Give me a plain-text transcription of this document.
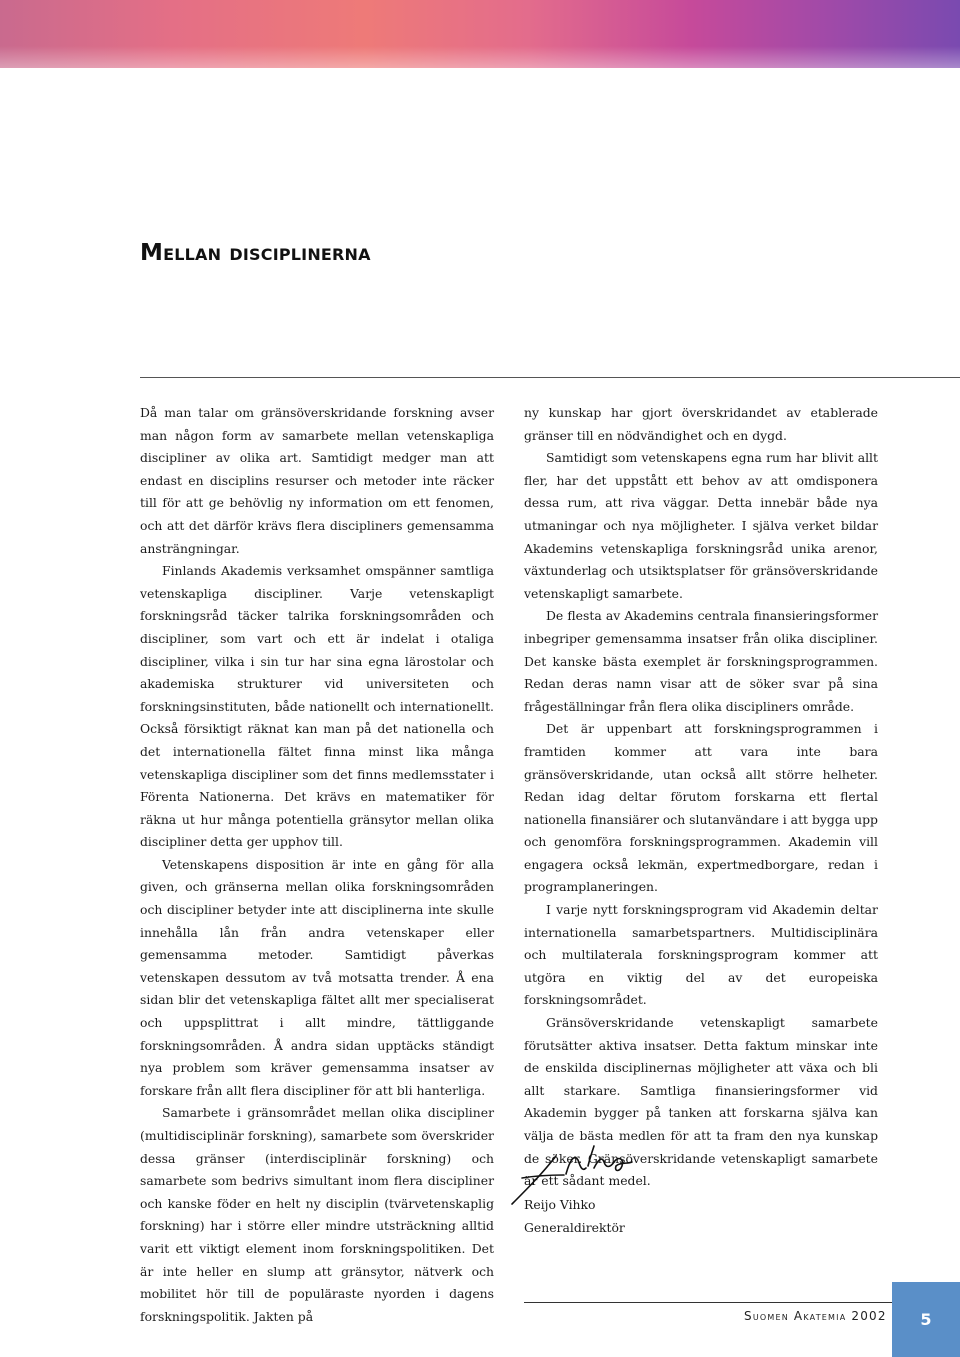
Mellan disciplinerna

Då man talar om gränsöverskridande forskning avser man någon form av samarbete mellan vetenskapliga discipliner av olika art. Samtidigt medger man att endast en disciplins resurser och metoder inte räcker till för att ge behövlig ny information om ett fenomen, och att det därför krävs flera discipliners gemensamma ansträngningar.

Finlands Akademis verksamhet omspänner samtliga vetenskapliga discipliner. Varje vetenskapligt forskningsråd täcker talrika forskningsområden och discipliner, som vart och ett är indelat i otaliga discipliner, vilka i sin tur har sina egna lärostolar och akademiska strukturer vid universiteten och forskningsinstituten, både nationellt och internationellt. Också försiktigt räknat kan man på det nationella och det internationella fältet finna minst lika många vetenskapliga discipliner som det finns medlemsstater i Förenta Nationerna. Det krävs en matematiker för räkna ut hur många potentiella gränsytor mellan olika discipliner detta ger upphov till.

Vetenskapens disposition är inte en gång för alla given, och gränserna mellan olika forskningsområden och discipliner betyder inte att disciplinerna inte skulle innehålla lån från andra vetenskaper eller gemensamma metoder. Samtidigt påverkas vetenskapen dessutom av två motsatta trender. Å ena sidan blir det vetenskapliga fältet allt mer specialiserat och uppsplittrat i allt mindre, tättliggande forskningsområden. Å andra sidan upptäcks ständigt nya problem som kräver gemensamma insatser av forskare från allt flera discipliner för att bli hanterliga.

Samarbete i gränsområdet mellan olika discipliner (multidisciplinär forskning), samarbete som överskrider dessa gränser (interdisciplinär forskning) och samarbete som bedrivs simultant inom flera discipliner och kanske föder en helt ny disciplin (tvärvetenskaplig forskning) har i större eller mindre utsträckning alltid varit ett viktigt element inom forskningspolitiken. Det är inte heller en slump att gränsytor, nätverk och mobilitet hör till de populäraste nyorden i dagens forskningspolitik. Jakten på

ny kunskap har gjort överskridandet av etablerade gränser till en nödvändighet och en dygd.

Samtidigt som vetenskapens egna rum har blivit allt fler, har det uppstått ett behov av att omdisponera dessa rum, att riva väggar. Detta innebär både nya utmaningar och nya möjligheter. I själva verket bildar Akademins vetenskapliga forskningsråd unika arenor, växtunderlag och utsiktsplatser för gränsöverskridande vetenskapligt samarbete.

De flesta av Akademins centrala finansieringsformer inbegriper gemensamma insatser från olika discipliner. Det kanske bästa exemplet är forskningsprogrammen. Redan deras namn visar att de söker svar på sina frågeställningar från flera olika discipliners område.

Det är uppenbart att forskningsprogrammen i framtiden kommer att vara inte bara gränsöverskridande, utan också allt större helheter. Redan idag deltar förutom forskarna ett flertal nationella finansiärer och slutanvändare i att bygga upp och genomföra forskningsprogrammen. Akademin vill engagera också lekmän, expertmedborgare, redan i programplaneringen.

I varje nytt forskningsprogram vid Akademin deltar internationella samarbetspartners. Multidisciplinära och multilaterala forskningsprogram kommer att utgöra en viktig del av det europeiska forskningsområdet.

Gränsöverskridande vetenskapligt samarbete förutsätter aktiva insatser. Detta faktum minskar inte de enskilda disciplinernas möjligheter att växa och bli allt starkare. Samtliga finansieringsformer vid Akademin bygger på tanken att forskarna själva kan välja de bästa medlen för att ta fram den nya kunskap de söker. Gränsöverskridande vetenskapligt samarbete är ett sådant medel.

Reijo Vihko
Generaldirektör
Suomen Akatemia 2002 5
